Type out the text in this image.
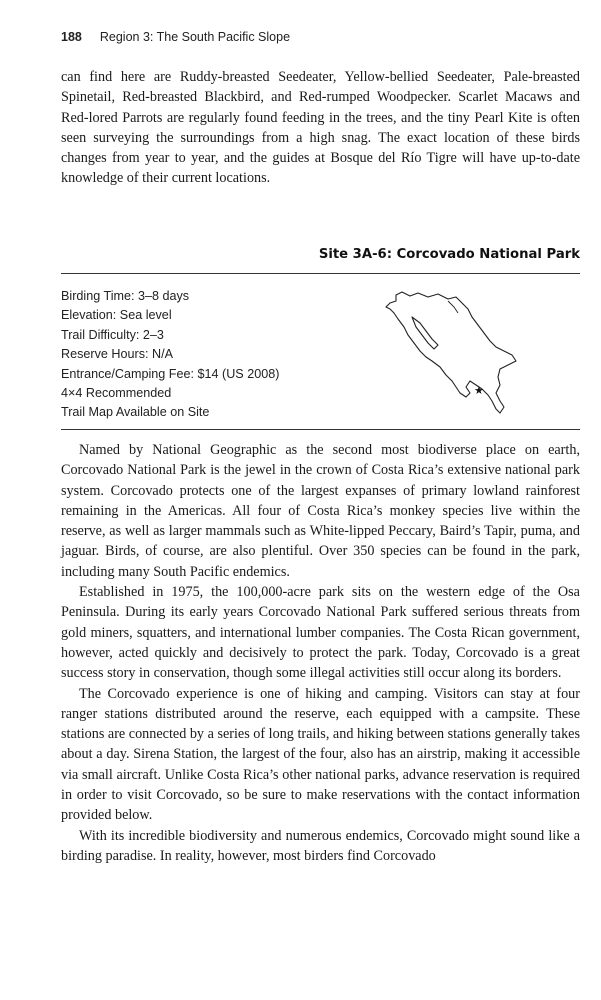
188 Region 3: The South Pacific Slope

can find here are Ruddy-breasted Seedeater, Yellow-bellied Seedeater, Pale-breasted Spinetail, Red-breasted Blackbird, and Red-rumped Woodpecker. Scarlet Macaws and Red-lored Parrots are regularly found feeding in the trees, and the tiny Pearl Kite is often seen surveying the surroundings from a high snag. The exact location of these birds changes from year to year, and the guides at Bosque del Río Tigre will have up-to-date knowledge of their current locations.

Site 3A-6: Corcovado National Park
Birding Time: 3–8 days
Elevation: Sea level
Trail Difficulty: 2–3
Reserve Hours: N/A
Entrance/Camping Fee: $14 (US 2008)
4×4 Recommended
Trail Map Available on Site
★

Named by National Geographic as the second most biodiverse place on earth, Corcovado National Park is the jewel in the crown of Costa Rica’s extensive national park system. Corcovado protects one of the largest expanses of primary lowland rainforest remaining in the Americas. All four of Costa Rica’s monkey species live within the reserve, as well as larger mammals such as White-lipped Peccary, Baird’s Tapir, puma, and jaguar. Birds, of course, are also plentiful. Over 350 species can be found in the park, including many South Pacific endemics.

Established in 1975, the 100,000-acre park sits on the western edge of the Osa Peninsula. During its early years Corcovado National Park suffered serious threats from gold miners, squatters, and international lumber companies. The Costa Rican government, however, acted quickly and decisively to protect the park. Today, Corcovado is a great success story in conservation, though some illegal activities still occur along its borders.

The Corcovado experience is one of hiking and camping. Visitors can stay at four ranger stations distributed around the reserve, each equipped with a campsite. These stations are connected by a series of long trails, and hiking between stations generally takes about a day. Sirena Station, the largest of the four, also has an airstrip, making it accessible via small aircraft. Unlike Costa Rica’s other national parks, advance reservation is required in order to visit Corcovado, so be sure to make reservations with the contact information provided below.

With its incredible biodiversity and numerous endemics, Corcovado might sound like a birding paradise. In reality, however, most birders find Corcovado
